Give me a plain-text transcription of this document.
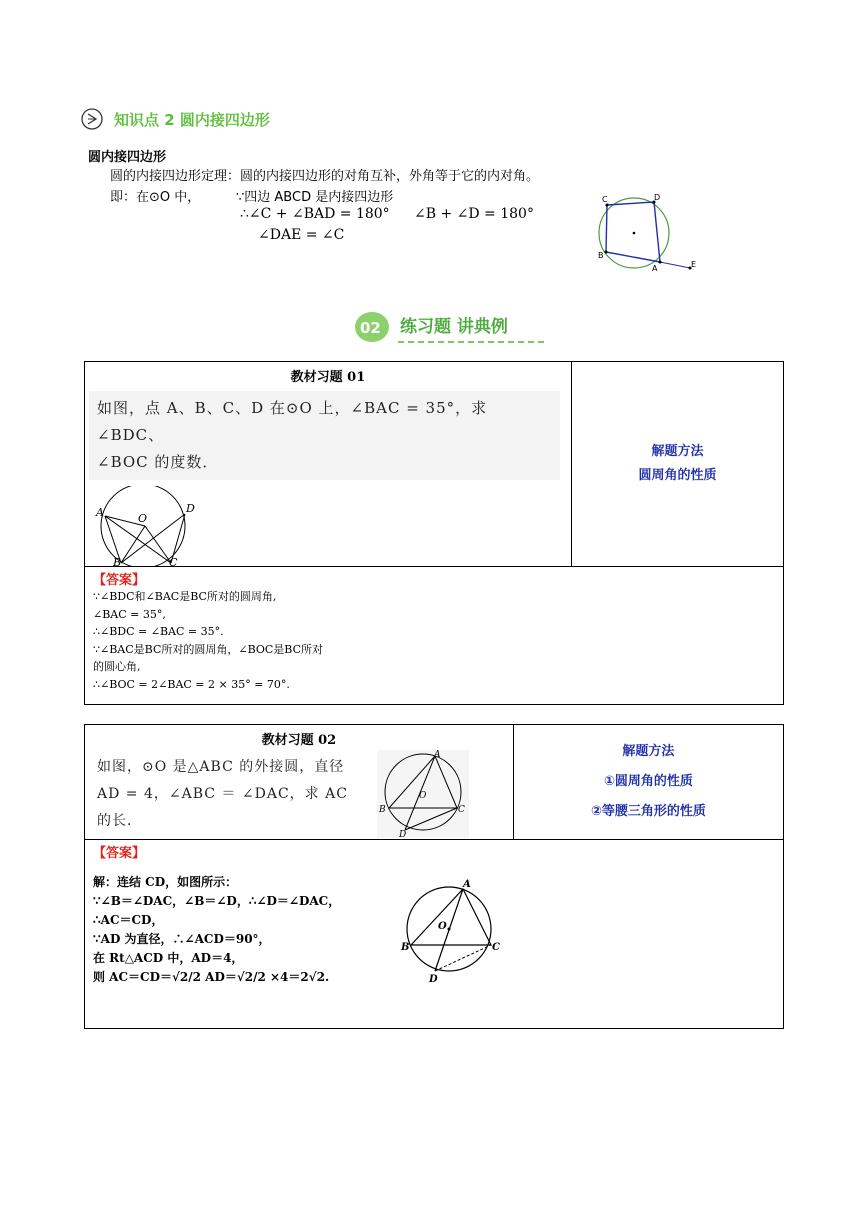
知识点 2 圆内接四边形
圆内接四边形
圆的内接四边形定理：圆的内接四边形的对角互补，外角等于它的内对角。
即：在⊙O 中，	∵四边 ABCD 是内接四边形
∴∠C + ∠BAD = 180° ∠B + ∠D = 180°
∠DAE = ∠C
C	D
B
A	E
02 练习题 讲典例
教材习题 01
如图，点 A、B、C、D 在⊙O 上，∠BAC = 35°，求∠BDC、
∠BOC 的度数．
A	D
O
B	C

解题方法
圆周角的性质

【答案】
∵∠BDC和∠BAC是BC所对的圆周角,
∠BAC = 35°,
∴∠BDC = ∠BAC = 35°.
∵∠BAC是BC所对的圆周角，∠BOC是BC所对
的圆心角,
∴∠BOC = 2∠BAC = 2 × 35° = 70°.
教材习题 02
如图，⊙O 是△ABC 的外接圆，直径
AD = 4，∠ABC ＝ ∠DAC，求 AC
的长．
A
B	C
O
D

解题方法
①圆周角的性质
②等腰三角形的性质

【答案】
解：连结 CD，如图所示：
∵∠B＝∠DAC，∠B＝∠D，∴∠D＝∠DAC，
∴AC＝CD，
∵AD 为直径，∴∠ACD＝90°，
在 Rt△ACD 中，AD＝4，
则 AC＝CD＝√2/2 AD＝√2/2 ×4＝2√2.
A
B	C
O
D
